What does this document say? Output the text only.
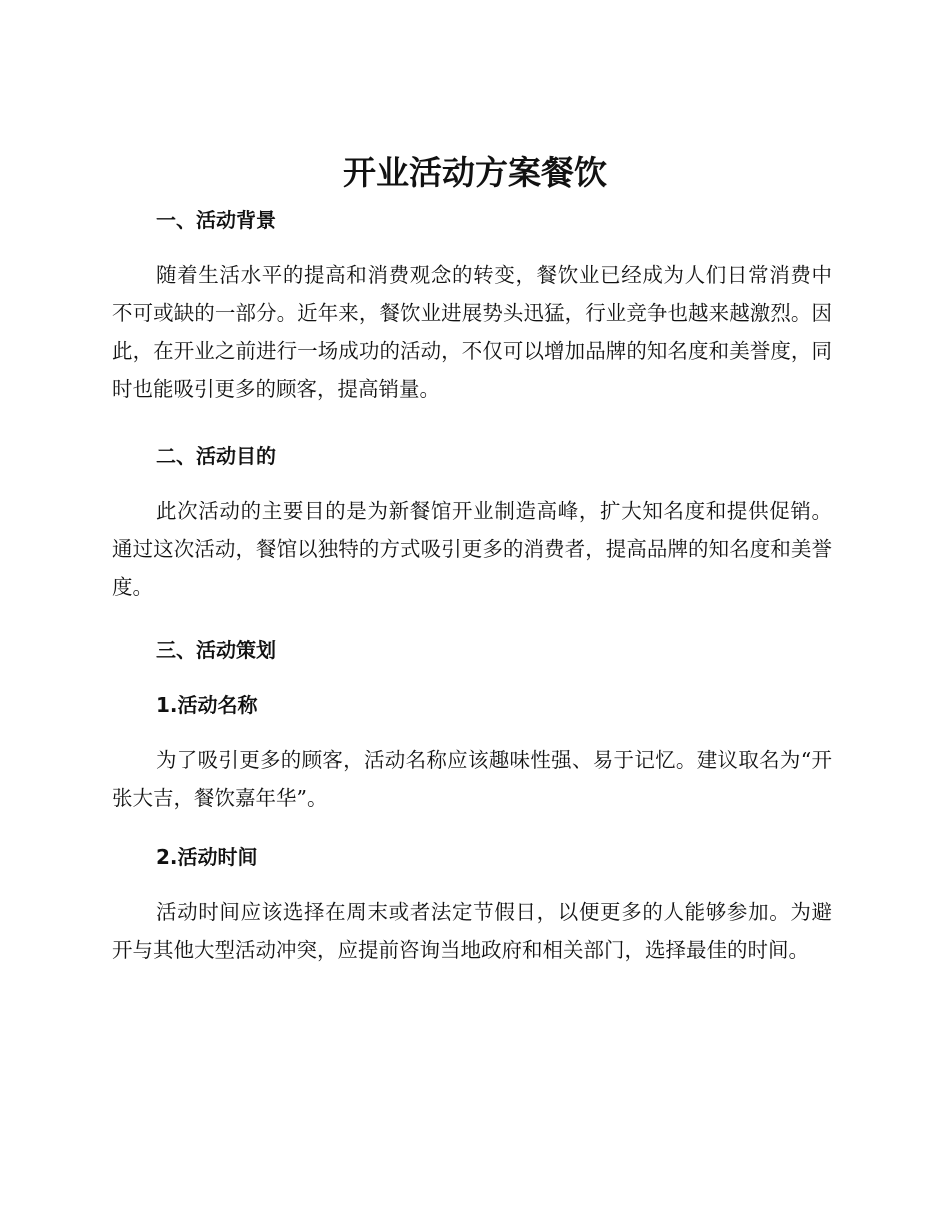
开业活动方案餐饮
一、活动背景

随着生活水平的提高和消费观念的转变，餐饮业已经成为人们日常消费中不可或缺的一部分。近年来，餐饮业进展势头迅猛，行业竞争也越来越激烈。因此，在开业之前进行一场成功的活动，不仅可以增加品牌的知名度和美誉度，同时也能吸引更多的顾客，提高销量。

二、活动目的

此次活动的主要目的是为新餐馆开业制造高峰，扩大知名度和提供促销。通过这次活动，餐馆以独特的方式吸引更多的消费者，提高品牌的知名度和美誉度。

三、活动策划
1.活动名称

为了吸引更多的顾客，活动名称应该趣味性强、易于记忆。建议取名为“开张大吉，餐饮嘉年华”。

2.活动时间

活动时间应该选择在周末或者法定节假日，以便更多的人能够参加。为避开与其他大型活动冲突，应提前咨询当地政府和相关部门，选择最佳的时间。
